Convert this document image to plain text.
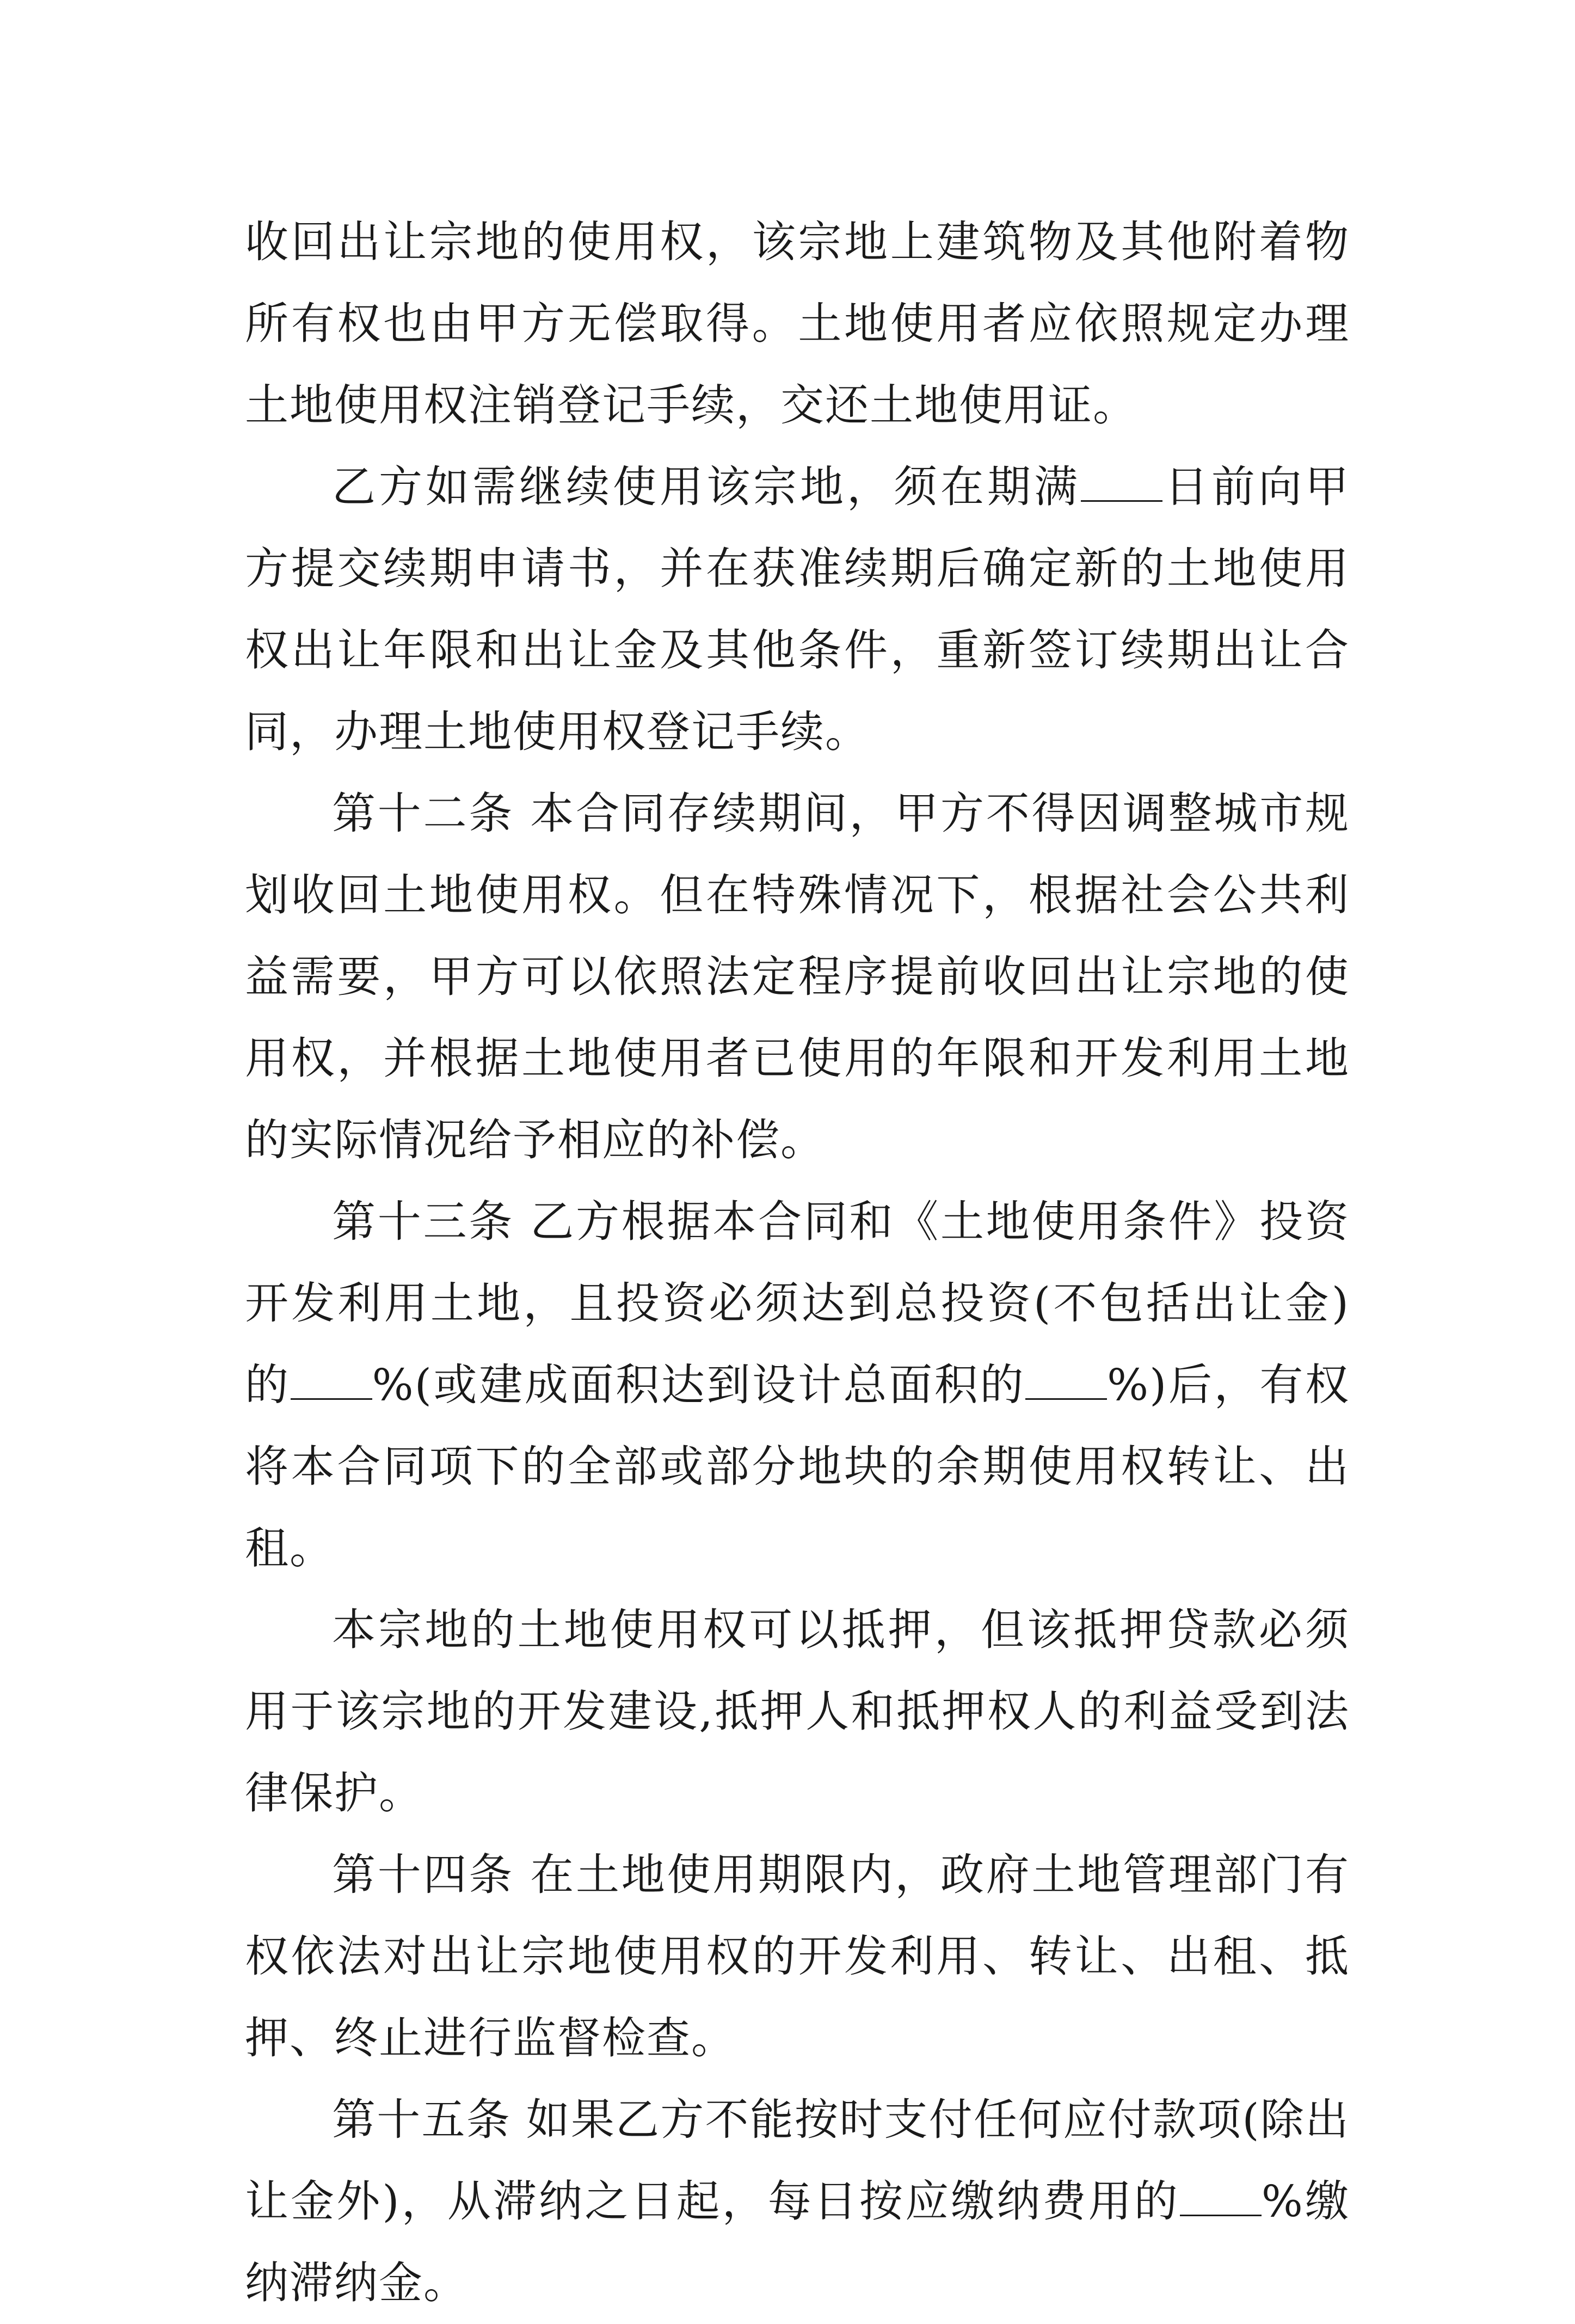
收回出让宗地的使用权，该宗地上建筑物及其他附着物所有权也由甲方无偿取得。土地使用者应依照规定办理土地使用权注销登记手续，交还土地使用证。

乙方如需继续使用该宗地，须在期满 日前向甲方提交续期申请书，并在获准续期后确定新的土地使用权出让年限和出让金及其他条件，重新签订续期出让合同，办理土地使用权登记手续。

第十二条 本合同存续期间，甲方不得因调整城市规划收回土地使用权。但在特殊情况下，根据社会公共利益需要，甲方可以依照法定程序提前收回出让宗地的使用权，并根据土地使用者已使用的年限和开发利用土地的实际情况给予相应的补偿。

第十三条 乙方根据本合同和《土地使用条件》投资开发利用土地，且投资必须达到总投资(不包括出让金)的 %(或建成面积达到设计总面积的 %)后，有权将本合同项下的全部或部分地块的余期使用权转让、出租。

本宗地的土地使用权可以抵押，但该抵押贷款必须用于该宗地的开发建设,抵押人和抵押权人的利益受到法律保护。

第十四条 在土地使用期限内，政府土地管理部门有权依法对出让宗地使用权的开发利用、转让、出租、抵押、终止进行监督检查。

第十五条 如果乙方不能按时支付任何应付款项(除出让金外)，从滞纳之日起，每日按应缴纳费用的 %缴纳滞纳金。
